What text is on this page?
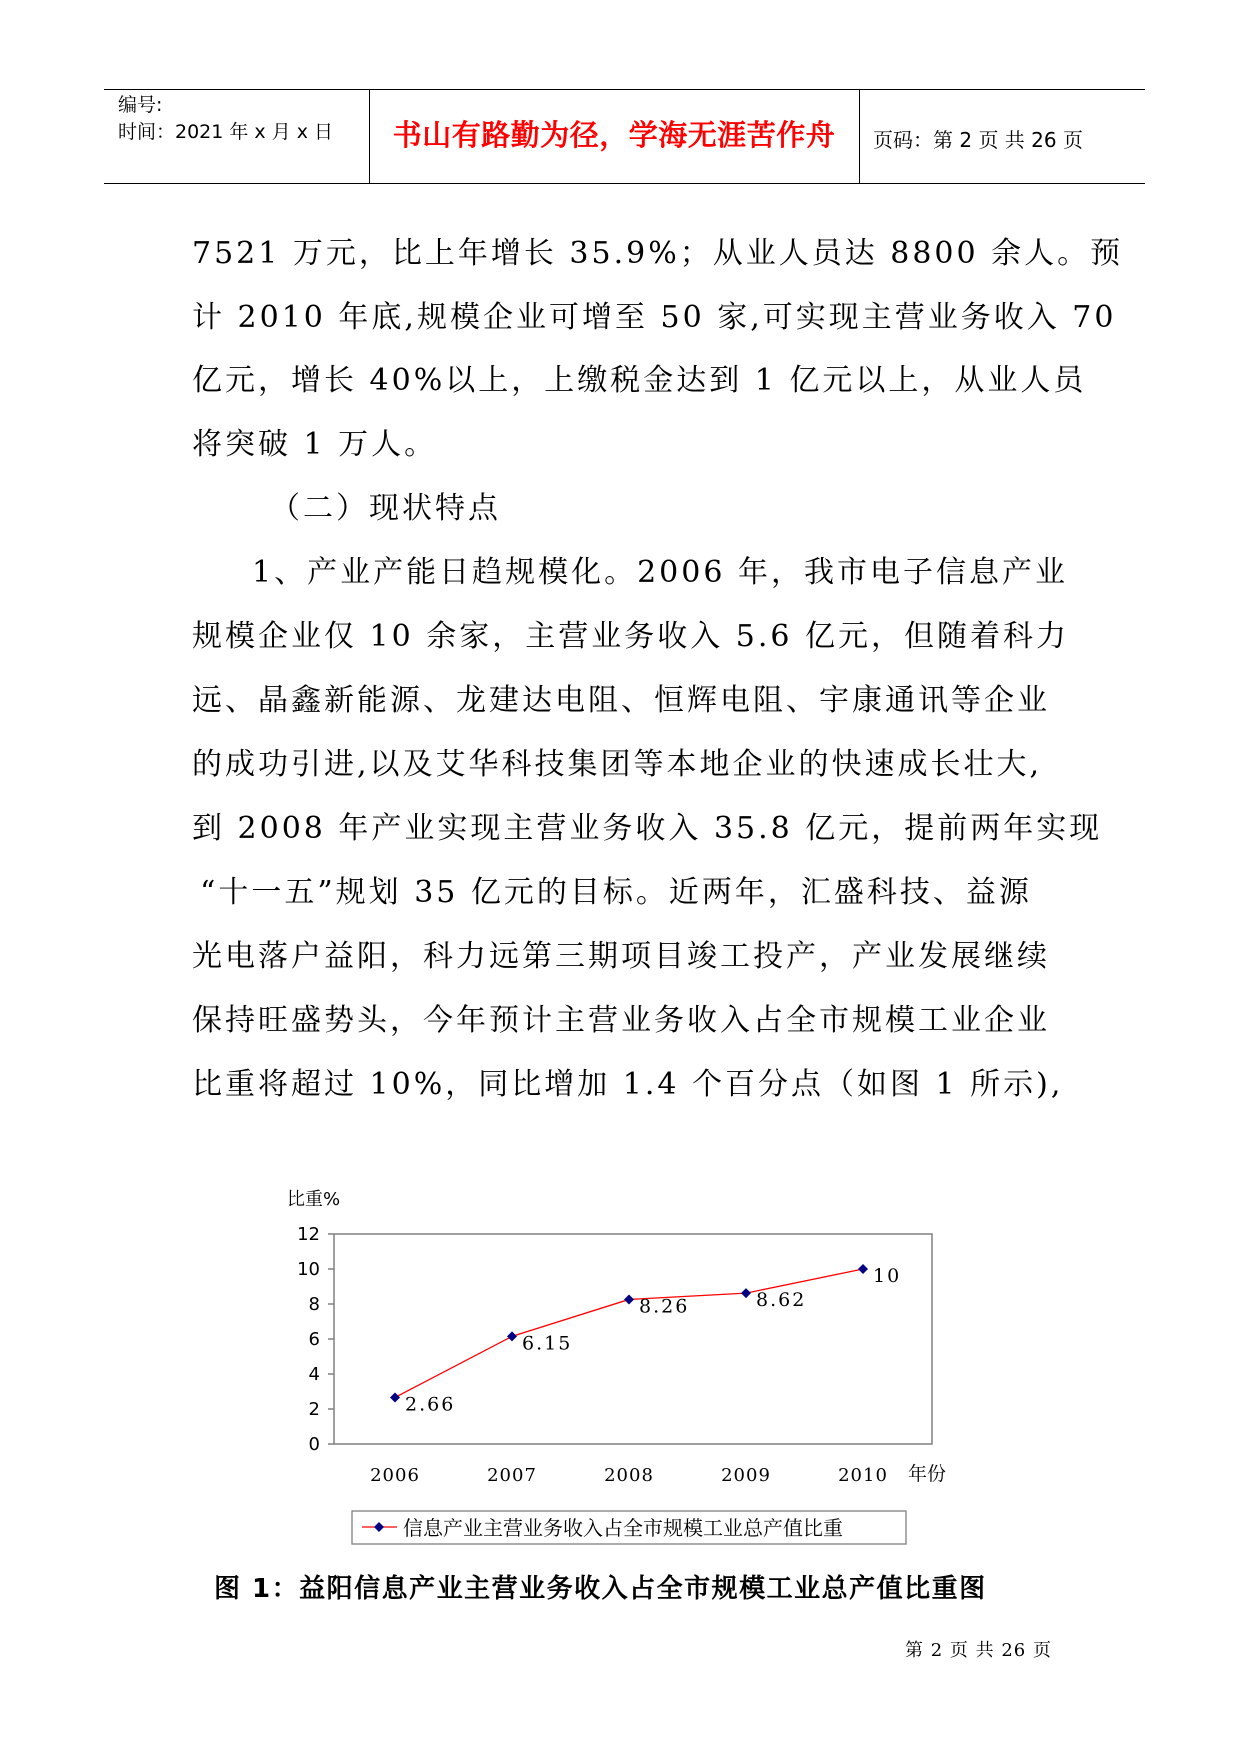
编号:
时间：2021 年 x 月 x 日	书山有路勤为径，学海无涯苦作舟	页码：第 2 页 共 26 页
7521 万元，比上年增长 35.9%；从业人员达 8800 余人。预
计 2010 年底,规模企业可增至 50 家,可实现主营业务收入 70
亿元，增长 40%以上，上缴税金达到 1 亿元以上，从业人员
将突破 1 万人。
（二）现状特点
1、产业产能日趋规模化。2006 年，我市电子信息产业
规模企业仅 10 余家，主营业务收入 5.6 亿元，但随着科力
远、晶鑫新能源、龙建达电阻、恒辉电阻、宇康通讯等企业
的成功引进,以及艾华科技集团等本地企业的快速成长壮大,
到 2008 年产业实现主营业务收入 35.8 亿元，提前两年实现
“十一五”规划 35 亿元的目标。近两年，汇盛科技、益源
光电落户益阳，科力远第三期项目竣工投产，产业发展继续
保持旺盛势头，今年预计主营业务收入占全市规模工业企业
比重将超过 10%，同比增加 1.4 个百分点（如图 1 所示),
0
2
4
6
8
10
12
2006	2007	2008	2009	2010
比重%
年份
2.66
6.15
8.26	8.62
10
信息产业主营业务收入占全市规模工业总产值比重
图 1：益阳信息产业主营业务收入占全市规模工业总产值比重图
第 2 页 共 26 页
